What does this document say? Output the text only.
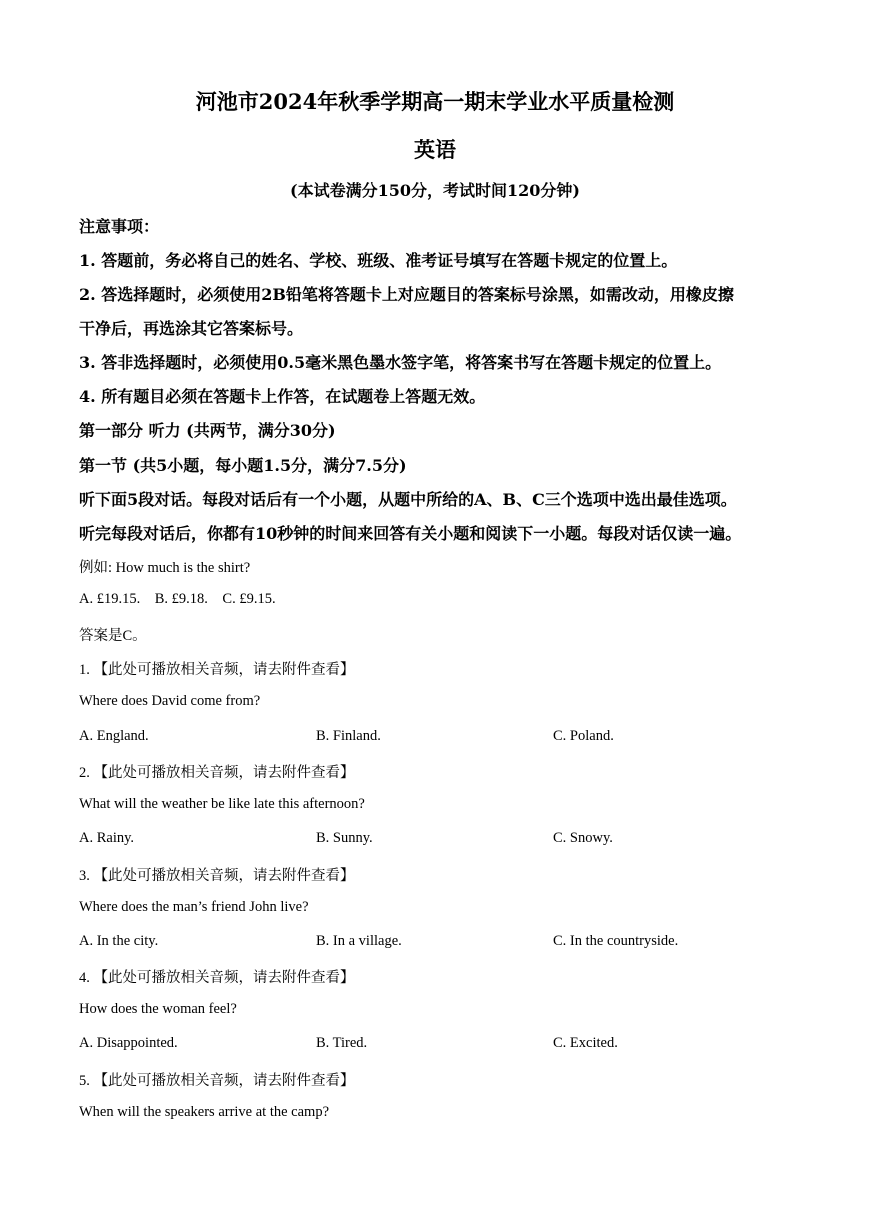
河池市2024年秋季学期高一期末学业水平质量检测
英语
(本试卷满分150分，考试时间120分钟)
注意事项：
1. 答题前，务必将自己的姓名、学校、班级、准考证号填写在答题卡规定的位置上。
2. 答选择题时，必须使用2B铅笔将答题卡上对应题目的答案标号涂黑，如需改动，用橡皮擦
干净后，再选涂其它答案标号。
3. 答非选择题时，必须使用0.5毫米黑色墨水签字笔，将答案书写在答题卡规定的位置上。
4. 所有题目必须在答题卡上作答，在试题卷上答题无效。
第一部分 听力 (共两节，满分30分)
第一节 (共5小题，每小题1.5分，满分7.5分)
听下面5段对话。每段对话后有一个小题，从题中所给的A、B、C三个选项中选出最佳选项。
听完每段对话后，你都有10秒钟的时间来回答有关小题和阅读下一小题。每段对话仅读一遍。
例如: How much is the shirt?
A. £19.15.    B. £9.18.    C. £9.15.
答案是C。
1. 【此处可播放相关音频，请去附件查看】
Where does David come from?
A. England.	B. Finland.	C. Poland.
2. 【此处可播放相关音频，请去附件查看】
What will the weather be like late this afternoon?
A. Rainy.	B. Sunny.	C. Snowy.
3. 【此处可播放相关音频，请去附件查看】
Where does the man’s friend John live?
A. In the city.	B. In a village.	C. In the countryside.
4. 【此处可播放相关音频，请去附件查看】
How does the woman feel?
A. Disappointed.	B. Tired.	C. Excited.
5. 【此处可播放相关音频，请去附件查看】
When will the speakers arrive at the camp?
